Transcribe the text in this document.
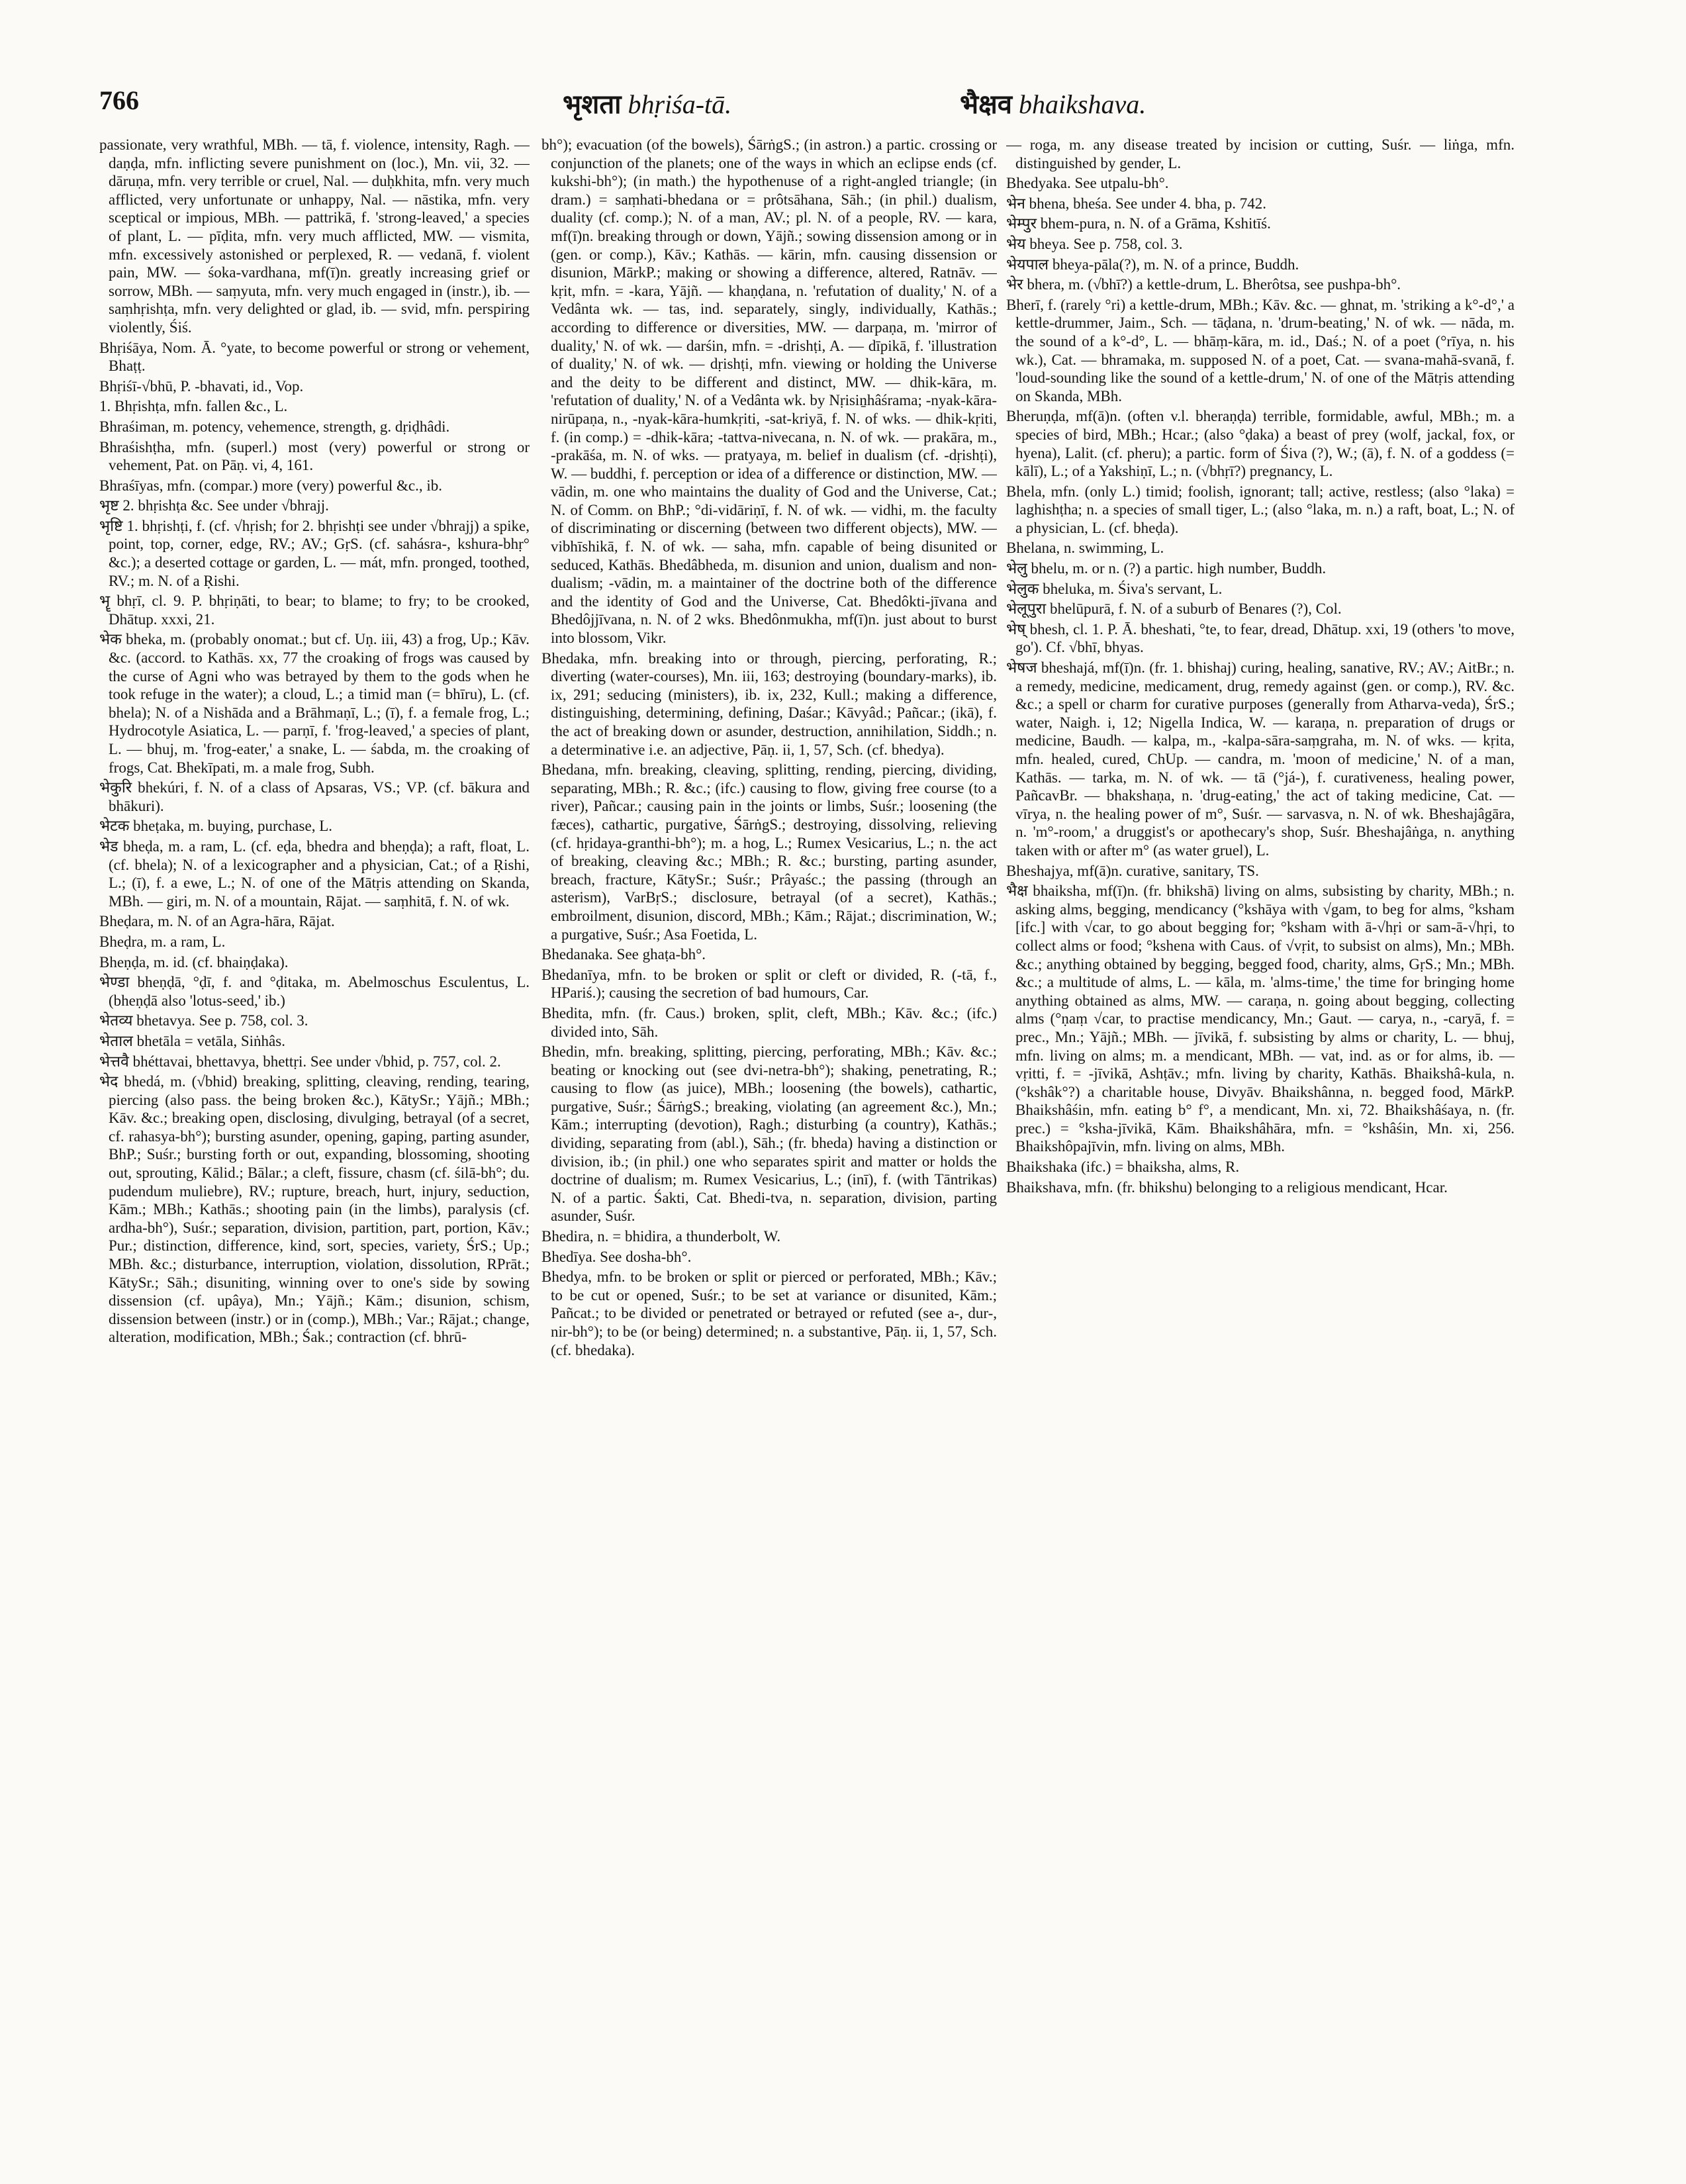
766	भृशता bhṛiśa-tā.	भैक्षव bhaikshava.

passionate, very wrathful, MBh. — tā, f. violence, intensity, Ragh. — daṇḍa, mfn. inflicting severe punishment on (loc.), Mn. vii, 32. — dāruṇa, mfn. very terrible or cruel, Nal. — duḥkhita, mfn. very much afflicted, very unfortunate or unhappy, Nal. — nāstika, mfn. very sceptical or impious, MBh. — pattrikā, f. 'strong-leaved,' a species of plant, L. — pīḍita, mfn. very much afflicted, MW. — vismita, mfn. excessively astonished or perplexed, R. — vedanā, f. violent pain, MW. — śoka-vardhana, mf(ī)n. greatly increasing grief or sorrow, MBh. — saṃyuta, mfn. very much engaged in (instr.), ib. — saṃhṛishṭa, mfn. very delighted or glad, ib. — svid, mfn. perspiring violently, Śiś.

Bhṛiśāya, Nom. Ā. °yate, to become powerful or strong or vehement, Bhaṭṭ.

Bhṛiśī-√bhū, P. -bhavati, id., Vop.

1. Bhṛishṭa, mfn. fallen &c., L.

Bhraśiman, m. potency, vehemence, strength, g. dṛiḍhâdi.

Bhraśishṭha, mfn. (superl.) most (very) powerful or strong or vehement, Pat. on Pāṇ. vi, 4, 161.

Bhraśīyas, mfn. (compar.) more (very) powerful &c., ib.

भृष्ट 2. bhṛishṭa &c. See under √bhrajj.

भृष्टि 1. bhṛishṭi, f. (cf. √hṛish; for 2. bhṛishṭi see under √bhrajj) a spike, point, top, corner, edge, RV.; AV.; GṛS. (cf. sahásra-, kshura-bhṛ° &c.); a deserted cottage or garden, L. — mát, mfn. pronged, toothed, RV.; m. N. of a Ṛishi.

भॄ bhṛī, cl. 9. P. bhṛiṇāti, to bear; to blame; to fry; to be crooked, Dhātup. xxxi, 21.

भेक bheka, m. (probably onomat.; but cf. Uṇ. iii, 43) a frog, Up.; Kāv. &c. (accord. to Kathās. xx, 77 the croaking of frogs was caused by the curse of Agni who was betrayed by them to the gods when he took refuge in the water); a cloud, L.; a timid man (= bhīru), L. (cf. bhela); N. of a Nishāda and a Brāhmaṇī, L.; (ī), f. a female frog, L.; Hydrocotyle Asiatica, L. — parṇī, f. 'frog-leaved,' a species of plant, L. — bhuj, m. 'frog-eater,' a snake, L. — śabda, m. the croaking of frogs, Cat. Bhekīpati, m. a male frog, Subh.

भेकुरि bhekúri, f. N. of a class of Apsaras, VS.; VP. (cf. bākura and bhākuri).

भेटक bheṭaka, m. buying, purchase, L.

भेड bheḍa, m. a ram, L. (cf. eḍa, bhedra and bheṇḍa); a raft, float, L. (cf. bhela); N. of a lexicographer and a physician, Cat.; of a Ṛishi, L.; (ī), f. a ewe, L.; N. of one of the Mātṛis attending on Skanda, MBh. — giri, m. N. of a mountain, Rājat. — saṃhitā, f. N. of wk.

Bheḍara, m. N. of an Agra-hāra, Rājat.

Bheḍra, m. a ram, L.

Bheṇḍa, m. id. (cf. bhaiṇḍaka).

भेण्डा bheṇḍā, °ḍī, f. and °ḍitaka, m. Abelmoschus Esculentus, L. (bheṇḍā also 'lotus-seed,' ib.)

भेतव्य bhetavya. See p. 758, col. 3.

भेताल bhetāla = vetāla, Siṅhâs.

भेत्तवै bhéttavai, bhettavya, bhettṛi. See under √bhid, p. 757, col. 2.

भेद bhedá, m. (√bhid) breaking, splitting, cleaving, rending, tearing, piercing (also pass. the being broken &c.), KātySr.; Yājñ.; MBh.; Kāv. &c.; breaking open, disclosing, divulging, betrayal (of a secret, cf. rahasya-bh°); bursting asunder, opening, gaping, parting asunder, BhP.; Suśr.; bursting forth or out, expanding, blossoming, shooting out, sprouting, Kālid.; Bālar.; a cleft, fissure, chasm (cf. śilā-bh°; du. pudendum muliebre), RV.; rupture, breach, hurt, injury, seduction, Kām.; MBh.; Kathās.; shooting pain (in the limbs), paralysis (cf. ardha-bh°), Suśr.; separation, division, partition, part, portion, Kāv.; Pur.; distinction, difference, kind, sort, species, variety, ŚrS.; Up.; MBh. &c.; disturbance, interruption, violation, dissolution, RPrāt.; KātySr.; Sāh.; disuniting, winning over to one's side by sowing dissension (cf. upâya), Mn.; Yājñ.; Kām.; disunion, schism, dissension between (instr.) or in (comp.), MBh.; Var.; Rājat.; change, alteration, modification, MBh.; Śak.; contraction (cf. bhrū-

bh°); evacuation (of the bowels), ŚārṅgS.; (in astron.) a partic. crossing or conjunction of the planets; one of the ways in which an eclipse ends (cf. kukshi-bh°); (in math.) the hypothenuse of a right-angled triangle; (in dram.) = saṃhati-bhedana or = prôtsāhana, Sāh.; (in phil.) dualism, duality (cf. comp.); N. of a man, AV.; pl. N. of a people, RV. — kara, mf(ī)n. breaking through or down, Yājñ.; sowing dissension among or in (gen. or comp.), Kāv.; Kathās. — kārin, mfn. causing dissension or disunion, MārkP.; making or showing a difference, altered, Ratnāv. — kṛit, mfn. = -kara, Yājñ. — khaṇḍana, n. 'refutation of duality,' N. of a Vedânta wk. — tas, ind. separately, singly, individually, Kathās.; according to difference or diversities, MW. — darpaṇa, m. 'mirror of duality,' N. of wk. — darśin, mfn. = -drishṭi, A. — dīpikā, f. 'illustration of duality,' N. of wk. — dṛishṭi, mfn. viewing or holding the Universe and the deity to be different and distinct, MW. — dhik-kāra, m. 'refutation of duality,' N. of a Vedânta wk. by Nṛisiṉhâśrama; -nyak-kāra-nirūpaṇa, n., -nyak-kāra-humkṛiti, -sat-kriyā, f. N. of wks. — dhik-kṛiti, f. (in comp.) = -dhik-kāra; -tattva-nivecana, n. N. of wk. — prakāra, m., -prakāśa, m. N. of wks. — pratyaya, m. belief in dualism (cf. -dṛishṭi), W. — buddhi, f. perception or idea of a difference or distinction, MW. — vādin, m. one who maintains the duality of God and the Universe, Cat.; N. of Comm. on BhP.; °di-vidāriṇī, f. N. of wk. — vidhi, m. the faculty of discriminating or discerning (between two different objects), MW. — vibhīshikā, f. N. of wk. — saha, mfn. capable of being disunited or seduced, Kathās. Bhedâbheda, m. disunion and union, dualism and non-dualism; -vādin, m. a maintainer of the doctrine both of the difference and the identity of God and the Universe, Cat. Bhedôkti-jīvana and Bhedôjjīvana, n. N. of 2 wks. Bhedônmukha, mf(ī)n. just about to burst into blossom, Vikr.

Bhedaka, mfn. breaking into or through, piercing, perforating, R.; diverting (water-courses), Mn. iii, 163; destroying (boundary-marks), ib. ix, 291; seducing (ministers), ib. ix, 232, Kull.; making a difference, distinguishing, determining, defining, Daśar.; Kāvyâd.; Pañcar.; (ikā), f. the act of breaking down or asunder, destruction, annihilation, Siddh.; n. a determinative i.e. an adjective, Pāṇ. ii, 1, 57, Sch. (cf. bhedya).

Bhedana, mfn. breaking, cleaving, splitting, rending, piercing, dividing, separating, MBh.; R. &c.; (ifc.) causing to flow, giving free course (to a river), Pañcar.; causing pain in the joints or limbs, Suśr.; loosening (the fæces), cathartic, purgative, ŚārṅgS.; destroying, dissolving, relieving (cf. hṛidaya-granthi-bh°); m. a hog, L.; Rumex Vesicarius, L.; n. the act of breaking, cleaving &c.; MBh.; R. &c.; bursting, parting asunder, breach, fracture, KātySr.; Suśr.; Prâyaśc.; the passing (through an asterism), VarBṛS.; disclosure, betrayal (of a secret), Kathās.; embroilment, disunion, discord, MBh.; Kām.; Rājat.; discrimination, W.; a purgative, Suśr.; Asa Foetida, L.

Bhedanaka. See ghaṭa-bh°.

Bhedanīya, mfn. to be broken or split or cleft or divided, R. (-tā, f., HPariś.); causing the secretion of bad humours, Car.

Bhedita, mfn. (fr. Caus.) broken, split, cleft, MBh.; Kāv. &c.; (ifc.) divided into, Sāh.

Bhedin, mfn. breaking, splitting, piercing, perforating, MBh.; Kāv. &c.; beating or knocking out (see dvi-netra-bh°); shaking, penetrating, R.; causing to flow (as juice), MBh.; loosening (the bowels), cathartic, purgative, Suśr.; ŚārṅgS.; breaking, violating (an agreement &c.), Mn.; Kām.; interrupting (devotion), Ragh.; disturbing (a country), Kathās.; dividing, separating from (abl.), Sāh.; (fr. bheda) having a distinction or division, ib.; (in phil.) one who separates spirit and matter or holds the doctrine of dualism; m. Rumex Vesicarius, L.; (inī), f. (with Tāntrikas) N. of a partic. Śakti, Cat. Bhedi-tva, n. separation, division, parting asunder, Suśr.

Bhedira, n. = bhidira, a thunderbolt, W.

Bhedīya. See dosha-bh°.

Bhedya, mfn. to be broken or split or pierced or perforated, MBh.; Kāv.; to be cut or opened, Suśr.; to be set at variance or disunited, Kām.; Pañcat.; to be divided or penetrated or betrayed or refuted (see a-, dur-, nir-bh°); to be (or being) determined; n. a substantive, Pāṇ. ii, 1, 57, Sch. (cf. bhedaka).

— roga, m. any disease treated by incision or cutting, Suśr. — liṅga, mfn. distinguished by gender, L.

Bhedyaka. See utpalu-bh°.

भेन bhena, bheśa. See under 4. bha, p. 742.

भेम्पुर bhem-pura, n. N. of a Grāma, Kshitīś.

भेय bheya. See p. 758, col. 3.

भेयपाल bheya-pāla(?), m. N. of a prince, Buddh.

भेर bhera, m. (√bhī?) a kettle-drum, L. Bherôtsa, see pushpa-bh°.

Bherī, f. (rarely °ri) a kettle-drum, MBh.; Kāv. &c. — ghnat, m. 'striking a k°-d°,' a kettle-drummer, Jaim., Sch. — tāḍana, n. 'drum-beating,' N. of wk. — nāda, m. the sound of a k°-d°, L. — bhāṃ-kāra, m. id., Daś.; N. of a poet (°rīya, n. his wk.), Cat. — bhramaka, m. supposed N. of a poet, Cat. — svana-mahā-svanā, f. 'loud-sounding like the sound of a kettle-drum,' N. of one of the Mātṛis attending on Skanda, MBh.

Bheruṇḍa, mf(ā)n. (often v.l. bheraṇḍa) terrible, formidable, awful, MBh.; m. a species of bird, MBh.; Hcar.; (also °ḍaka) a beast of prey (wolf, jackal, fox, or hyena), Lalit. (cf. pheru); a partic. form of Śiva (?), W.; (ā), f. N. of a goddess (= kālī), L.; of a Yakshiṇī, L.; n. (√bhṛī?) pregnancy, L.

Bhela, mfn. (only L.) timid; foolish, ignorant; tall; active, restless; (also °laka) = laghishṭha; n. a species of small tiger, L.; (also °laka, m. n.) a raft, boat, L.; N. of a physician, L. (cf. bheḍa).

Bhelana, n. swimming, L.

भेलु bhelu, m. or n. (?) a partic. high number, Buddh.

भेलुक bheluka, m. Śiva's servant, L.

भेलूपुरा bhelūpurā, f. N. of a suburb of Benares (?), Col.

भेष् bhesh, cl. 1. P. Ā. bheshati, °te, to fear, dread, Dhātup. xxi, 19 (others 'to move, go'). Cf. √bhī, bhyas.

भेषज bheshajá, mf(ī)n. (fr. 1. bhishaj) curing, healing, sanative, RV.; AV.; AitBr.; n. a remedy, medicine, medicament, drug, remedy against (gen. or comp.), RV. &c. &c.; a spell or charm for curative purposes (generally from Atharva-veda), ŚrS.; water, Naigh. i, 12; Nigella Indica, W. — karaṇa, n. preparation of drugs or medicine, Baudh. — kalpa, m., -kalpa-sāra-saṃgraha, m. N. of wks. — kṛita, mfn. healed, cured, ChUp. — candra, m. 'moon of medicine,' N. of a man, Kathās. — tarka, m. N. of wk. — tā (°já-), f. curativeness, healing power, PañcavBr. — bhakshaṇa, n. 'drug-eating,' the act of taking medicine, Cat. — vīrya, n. the healing power of m°, Suśr. — sarvasva, n. N. of wk. Bheshajâgāra, n. 'm°-room,' a druggist's or apothecary's shop, Suśr. Bheshajâṅga, n. anything taken with or after m° (as water gruel), L.

Bheshajya, mf(ā)n. curative, sanitary, TS.

भैक्ष bhaiksha, mf(ī)n. (fr. bhikshā) living on alms, subsisting by charity, MBh.; n. asking alms, begging, mendicancy (°kshāya with √gam, to beg for alms, °ksham [ifc.] with √car, to go about begging for; °ksham with ā-√hṛi or sam-ā-√hṛi, to collect alms or food; °kshena with Caus. of √vṛit, to subsist on alms), Mn.; MBh. &c.; anything obtained by begging, begged food, charity, alms, GṛS.; Mn.; MBh. &c.; a multitude of alms, L. — kāla, m. 'alms-time,' the time for bringing home anything obtained as alms, MW. — caraṇa, n. going about begging, collecting alms (°ṇaṃ √car, to practise mendicancy, Mn.; Gaut. — carya, n., -caryā, f. = prec., Mn.; Yājñ.; MBh. — jīvikā, f. subsisting by alms or charity, L. — bhuj, mfn. living on alms; m. a mendicant, MBh. — vat, ind. as or for alms, ib. — vṛitti, f. = -jīvikā, Ashṭāv.; mfn. living by charity, Kathās. Bhaikshâ-kula, n. (°kshâk°?) a charitable house, Divyāv. Bhaikshânna, n. begged food, MārkP. Bhaikshâśin, mfn. eating b° f°, a mendicant, Mn. xi, 72. Bhaikshâśaya, n. (fr. prec.) = °ksha-jīvikā, Kām. Bhaikshâhāra, mfn. = °kshâśin, Mn. xi, 256. Bhaikshôpajīvin, mfn. living on alms, MBh.

Bhaikshaka (ifc.) = bhaiksha, alms, R.

Bhaikshava, mfn. (fr. bhikshu) belonging to a religious mendicant, Hcar.
